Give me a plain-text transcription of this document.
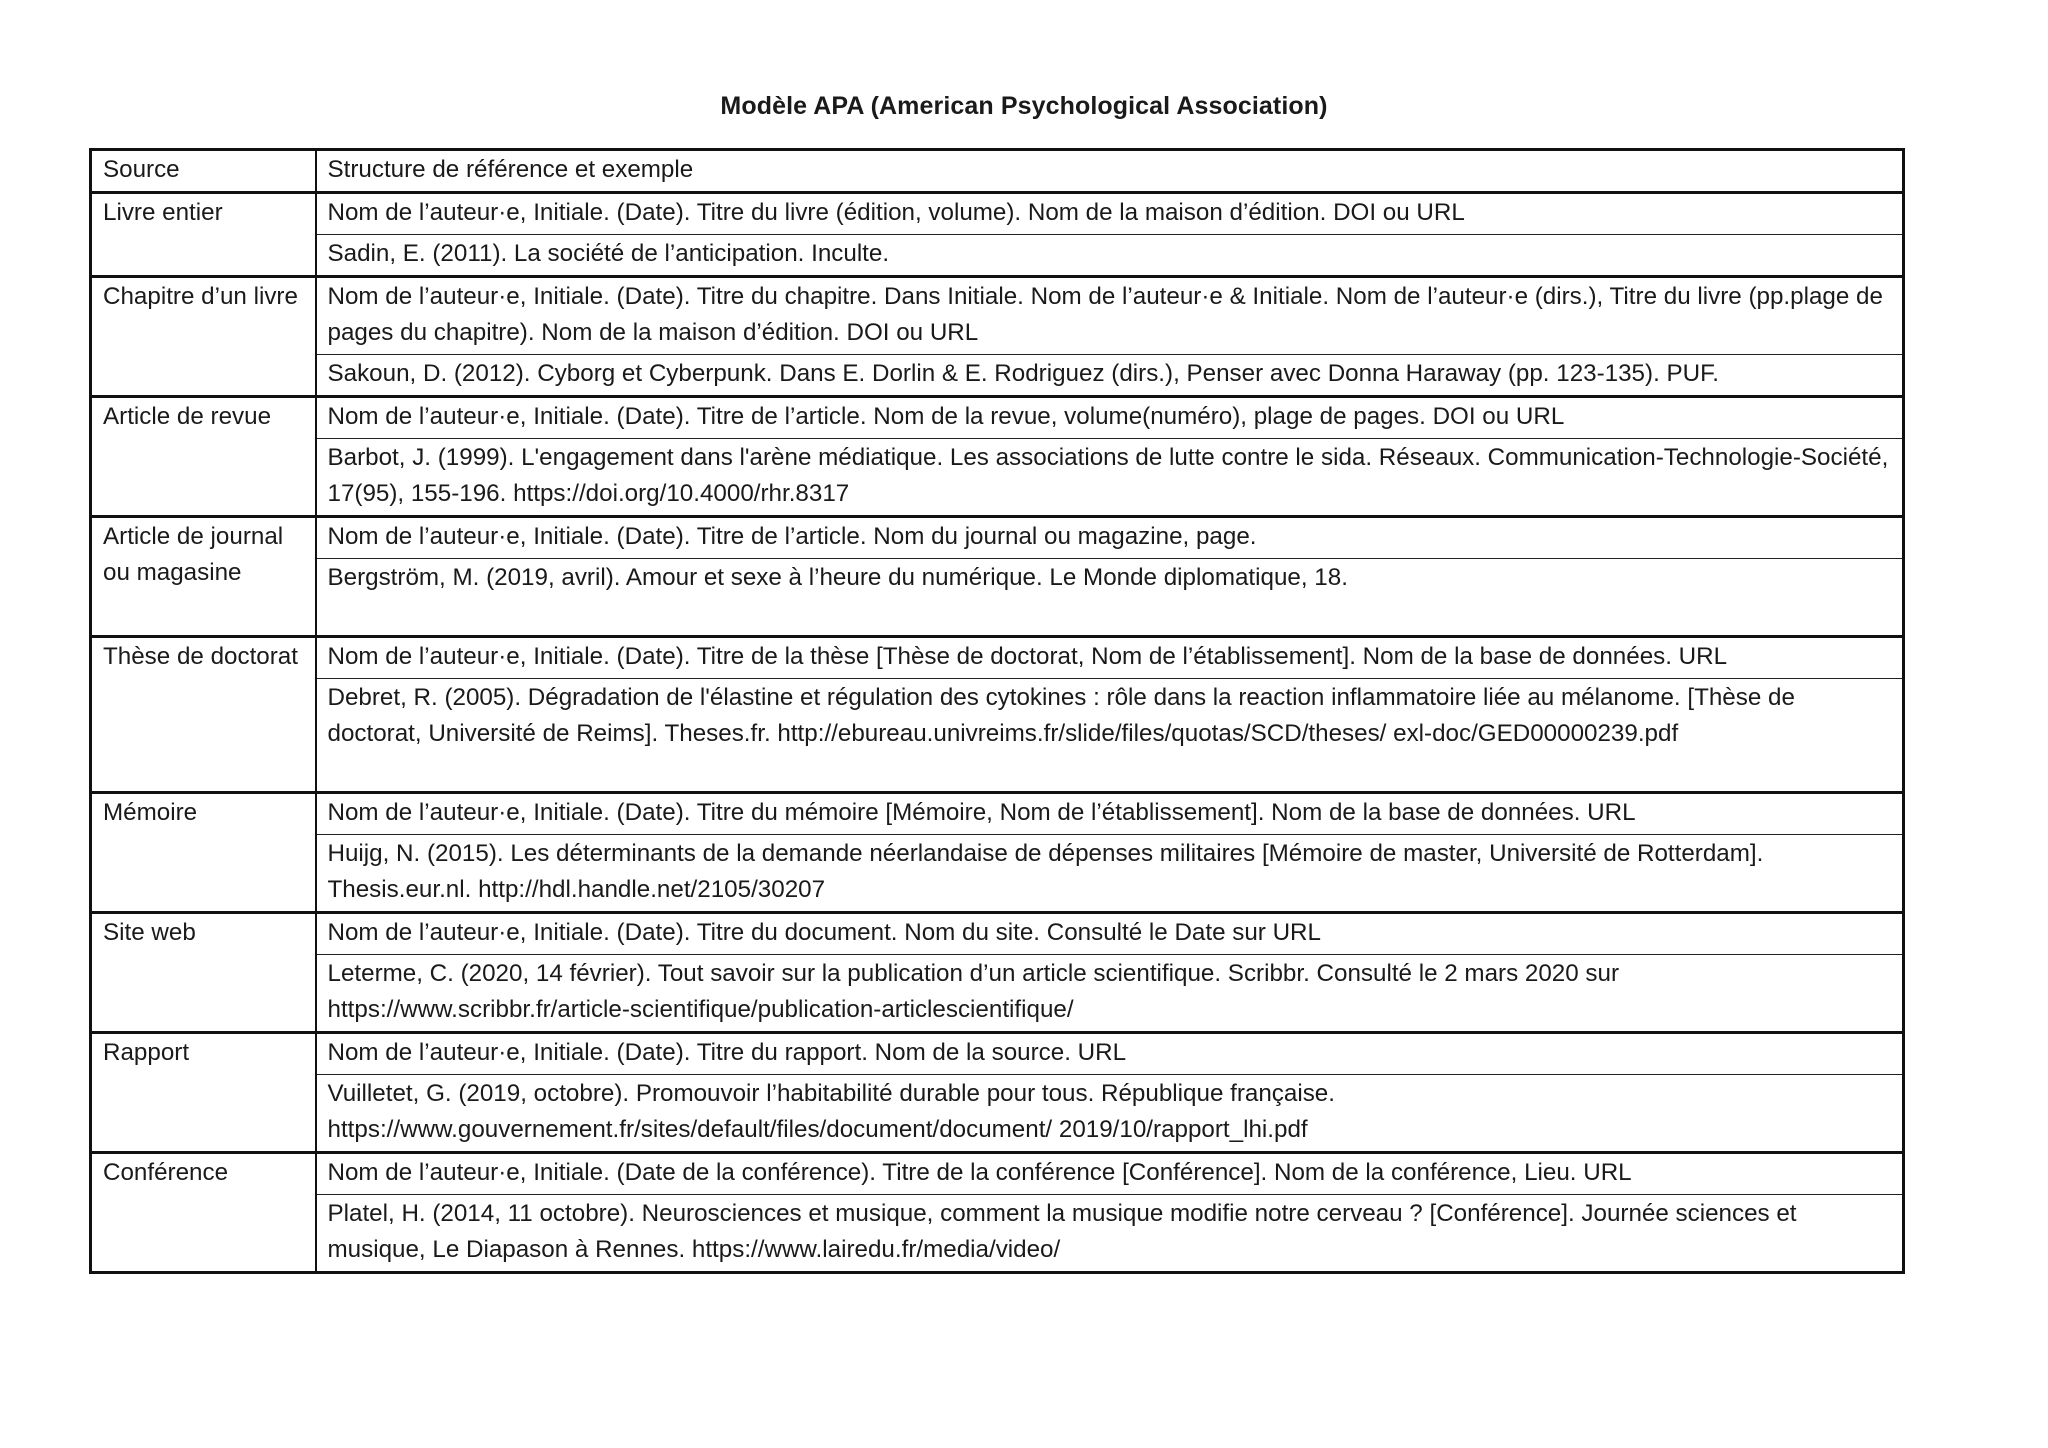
Modèle APA (American Psychological Association)
Source	Structure de référence et exemple
Livre entier	Nom de l’auteur·e, Initiale. (Date). Titre du livre (édition, volume). Nom de la maison d’édition. DOI ou URL
	Sadin, E. (2011). La société de l’anticipation. Inculte.
Chapitre d’un livre	Nom de l’auteur·e, Initiale. (Date). Titre du chapitre. Dans Initiale. Nom de l’auteur·e & Initiale. Nom de l’auteur·e (dirs.), Titre du livre (pp.plage de pages du chapitre). Nom de la maison d’édition. DOI ou URL
	Sakoun, D. (2012). Cyborg et Cyberpunk. Dans E. Dorlin & E. Rodriguez (dirs.), Penser avec Donna Haraway (pp. 123-135). PUF.
Article de revue	Nom de l’auteur·e, Initiale. (Date). Titre de l’article. Nom de la revue, volume(numéro), plage de pages. DOI ou URL
	Barbot, J. (1999). L'engagement dans l'arène médiatique. Les associations de lutte contre le sida. Réseaux. Communication-Technologie-Société, 17(95), 155-196. https://doi.org/10.4000/rhr.8317
Article de journal ou magasine	Nom de l’auteur·e, Initiale. (Date). Titre de l’article. Nom du journal ou magazine, page.
	Bergström, M. (2019, avril). Amour et sexe à l’heure du numérique. Le Monde diplomatique, 18.
Thèse de doctorat	Nom de l’auteur·e, Initiale. (Date). Titre de la thèse [Thèse de doctorat, Nom de l’établissement]. Nom de la base de données. URL
	Debret, R. (2005). Dégradation de l'élastine et régulation des cytokines : rôle dans la reaction inflammatoire liée au mélanome. [Thèse de doctorat, Université de Reims]. Theses.fr. http://ebureau.univreims.fr/slide/files/quotas/SCD/theses/ exl-doc/GED00000239.pdf
Mémoire	Nom de l’auteur·e, Initiale. (Date). Titre du mémoire [Mémoire, Nom de l’établissement]. Nom de la base de données. URL
	Huijg, N. (2015). Les déterminants de la demande néerlandaise de dépenses militaires [Mémoire de master, Université de Rotterdam]. Thesis.eur.nl. http://hdl.handle.net/2105/30207
Site web	Nom de l’auteur·e, Initiale. (Date). Titre du document. Nom du site. Consulté le Date sur URL
	Leterme, C. (2020, 14 février). Tout savoir sur la publication d’un article scientifique. Scribbr. Consulté le 2 mars 2020 sur https://www.scribbr.fr/article-scientifique/publication-articlescientifique/
Rapport	Nom de l’auteur·e, Initiale. (Date). Titre du rapport. Nom de la source. URL
	Vuilletet, G. (2019, octobre). Promouvoir l’habitabilité durable pour tous. République française. https://www.gouvernement.fr/sites/default/files/document/document/ 2019/10/rapport_lhi.pdf
Conférence	Nom de l’auteur·e, Initiale. (Date de la conférence). Titre de la conférence [Conférence]. Nom de la conférence, Lieu. URL
	Platel, H. (2014, 11 octobre). Neurosciences et musique, comment la musique modifie notre cerveau ? [Conférence]. Journée sciences et musique, Le Diapason à Rennes. https://www.lairedu.fr/media/video/
